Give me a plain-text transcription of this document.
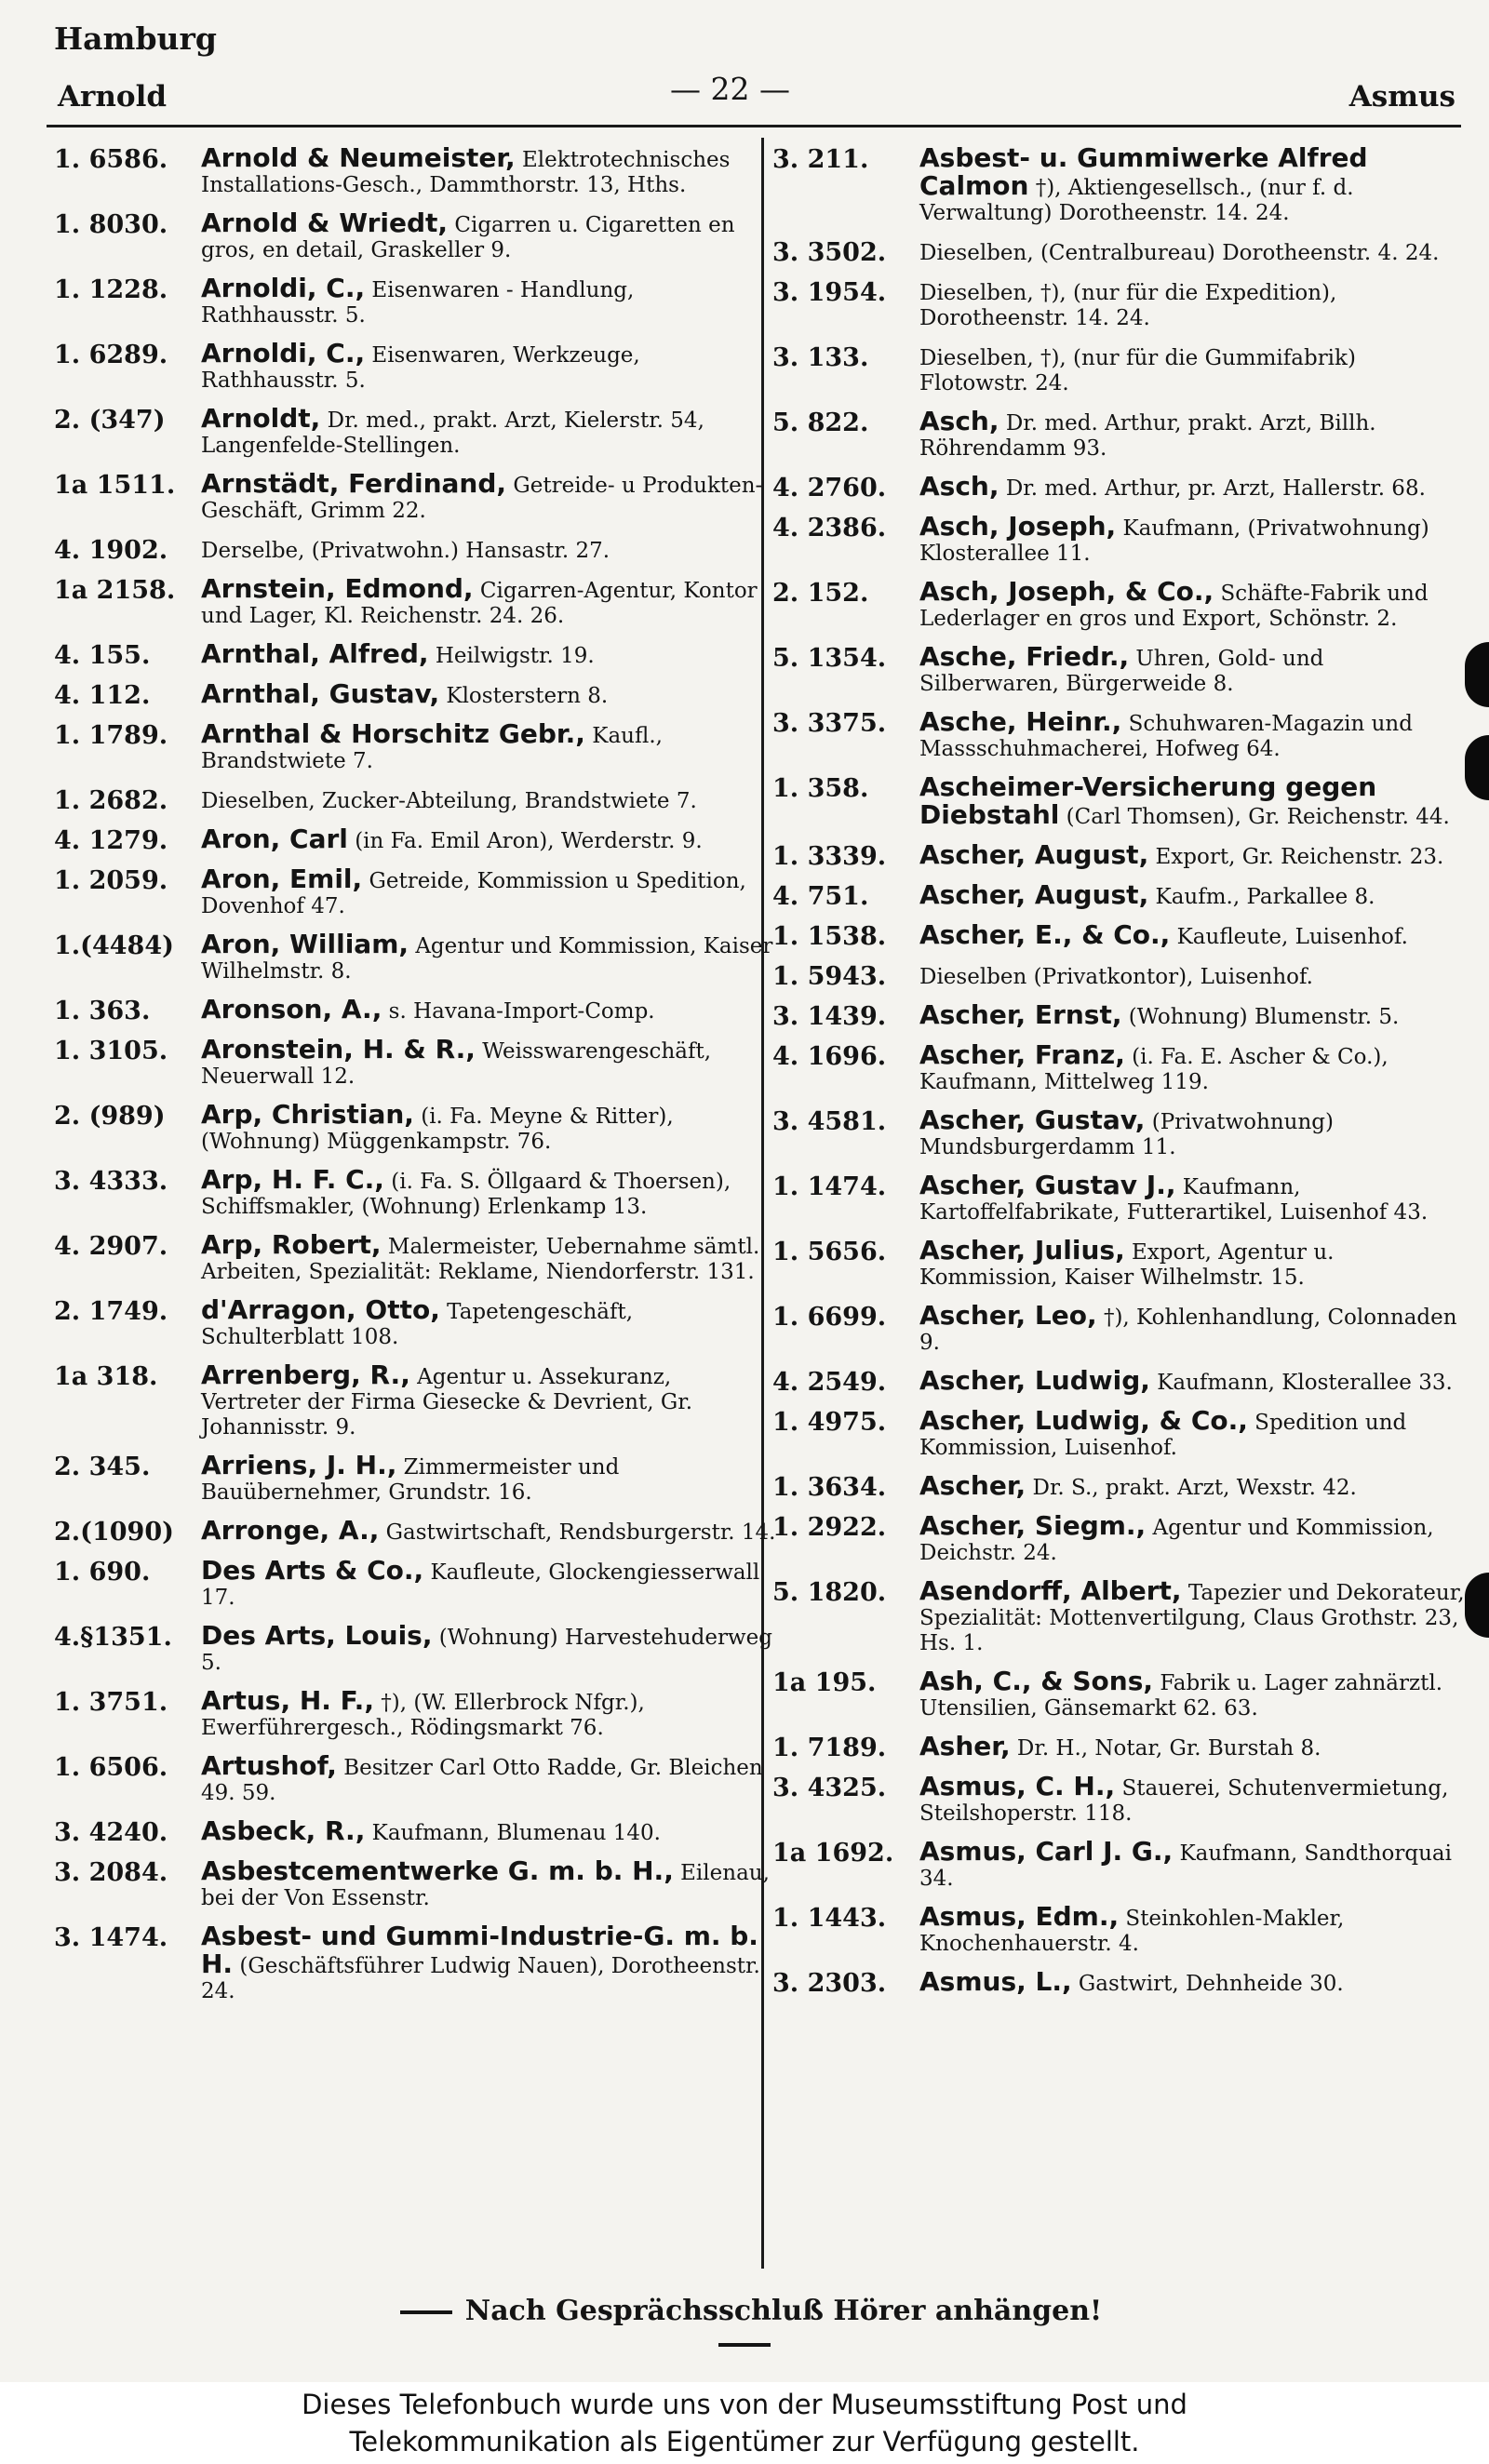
Hamburg
Arnold	— 22 —	Asmus
1. 6586. Arnold & Neumeister, Elektrotechnisches Installations-Gesch., Dammthorstr. 13, Hths.
1. 8030. Arnold & Wriedt, Cigarren u. Cigaretten en gros, en detail, Graskeller 9.
1. 1228. Arnoldi, C., Eisenwaren - Handlung, Rathhausstr. 5.
1. 6289. Arnoldi, C., Eisenwaren, Werkzeuge, Rathhausstr. 5.
2. (347) Arnoldt, Dr. med., prakt. Arzt, Kielerstr. 54, Langenfelde-Stellingen.
1a 1511. Arnstädt, Ferdinand, Getreide- u Produkten-Geschäft, Grimm 22.
4. 1902. Derselbe, (Privatwohn.) Hansastr. 27.
1a 2158. Arnstein, Edmond, Cigarren-Agentur, Kontor und Lager, Kl. Reichenstr. 24. 26.
4. 155. Arnthal, Alfred, Heilwigstr. 19.
4. 112. Arnthal, Gustav, Klosterstern 8.
1. 1789. Arnthal & Horschitz Gebr., Kaufl., Brandstwiete 7.
1. 2682. Dieselben, Zucker-Abteilung, Brandstwiete 7.
4. 1279. Aron, Carl (in Fa. Emil Aron), Werderstr. 9.
1. 2059. Aron, Emil, Getreide, Kommission u Spedition, Dovenhof 47.
1.(4484) Aron, William, Agentur und Kommission, Kaiser Wilhelmstr. 8.
1. 363. Aronson, A., s. Havana-Import-Comp.
1. 3105. Aronstein, H. & R., Weisswarengeschäft, Neuerwall 12.
2. (989) Arp, Christian, (i. Fa. Meyne & Ritter), (Wohnung) Müggenkampstr. 76.
3. 4333. Arp, H. F. C., (i. Fa. S. Öllgaard & Thoersen), Schiffsmakler, (Wohnung) Erlenkamp 13.
4. 2907. Arp, Robert, Malermeister, Uebernahme sämtl. Arbeiten, Spezialität: Reklame, Niendorferstr. 131.
2. 1749. d'Arragon, Otto, Tapetengeschäft, Schulterblatt 108.
1a 318. Arrenberg, R., Agentur u. Assekuranz, Vertreter der Firma Giesecke & Devrient, Gr. Johannisstr. 9.
2. 345. Arriens, J. H., Zimmermeister und Bauübernehmer, Grundstr. 16.
2.(1090) Arronge, A., Gastwirtschaft, Rendsburgerstr. 14.
1. 690. Des Arts & Co., Kaufleute, Glockengiesserwall 17.
4.§1351. Des Arts, Louis, (Wohnung) Harvestehuderweg 5.
1. 3751. Artus, H. F., †), (W. Ellerbrock Nfgr.), Ewerführergesch., Rödingsmarkt 76.
1. 6506. Artushof, Besitzer Carl Otto Radde, Gr. Bleichen 49. 59.
3. 4240. Asbeck, R., Kaufmann, Blumenau 140.
3. 2084. Asbestcementwerke G. m. b. H., Eilenau, bei der Von Essenstr.
3. 1474. Asbest- und Gummi-Industrie-G. m. b. H. (Geschäftsführer Ludwig Nauen), Dorotheenstr. 24.
3. 211. Asbest- u. Gummiwerke Alfred Calmon †), Aktiengesellsch., (nur f. d. Verwaltung) Dorotheenstr. 14. 24.
3. 3502. Dieselben, (Centralbureau) Dorotheenstr. 4. 24.
3. 1954. Dieselben, †), (nur für die Expedition), Dorotheenstr. 14. 24.
3. 133. Dieselben, †), (nur für die Gummifabrik) Flotowstr. 24.
5. 822. Asch, Dr. med. Arthur, prakt. Arzt, Billh. Röhrendamm 93.
4. 2760. Asch, Dr. med. Arthur, pr. Arzt, Hallerstr. 68.
4. 2386. Asch, Joseph, Kaufmann, (Privatwohnung) Klosterallee 11.
2. 152. Asch, Joseph, & Co., Schäfte-Fabrik und Lederlager en gros und Export, Schönstr. 2.
5. 1354. Asche, Friedr., Uhren, Gold- und Silberwaren, Bürgerweide 8.
3. 3375. Asche, Heinr., Schuhwaren-Magazin und Massschuhmacherei, Hofweg 64.
1. 358. Ascheimer-Versicherung gegen Diebstahl (Carl Thomsen), Gr. Reichenstr. 44.
1. 3339. Ascher, August, Export, Gr. Reichenstr. 23.
4. 751. Ascher, August, Kaufm., Parkallee 8.
1. 1538. Ascher, E., & Co., Kaufleute, Luisenhof.
1. 5943. Dieselben (Privatkontor), Luisenhof.
3. 1439. Ascher, Ernst, (Wohnung) Blumenstr. 5.
4. 1696. Ascher, Franz, (i. Fa. E. Ascher & Co.), Kaufmann, Mittelweg 119.
3. 4581. Ascher, Gustav, (Privatwohnung) Mundsburgerdamm 11.
1. 1474. Ascher, Gustav J., Kaufmann, Kartoffelfabrikate, Futterartikel, Luisenhof 43.
1. 5656. Ascher, Julius, Export, Agentur u. Kommission, Kaiser Wilhelmstr. 15.
1. 6699. Ascher, Leo, †), Kohlenhandlung, Colonnaden 9.
4. 2549. Ascher, Ludwig, Kaufmann, Klosterallee 33.
1. 4975. Ascher, Ludwig, & Co., Spedition und Kommission, Luisenhof.
1. 3634. Ascher, Dr. S., prakt. Arzt, Wexstr. 42.
1. 2922. Ascher, Siegm., Agentur und Kommission, Deichstr. 24.
5. 1820. Asendorff, Albert, Tapezier und Dekorateur, Spezialität: Mottenvertilgung, Claus Grothstr. 23, Hs. 1.
1a 195. Ash, C., & Sons, Fabrik u. Lager zahnärztl. Utensilien, Gänsemarkt 62. 63.
1. 7189. Asher, Dr. H., Notar, Gr. Burstah 8.
3. 4325. Asmus, C. H., Stauerei, Schutenvermietung, Steilshoperstr. 118.
1a 1692. Asmus, Carl J. G., Kaufmann, Sandthorquai 34.
1. 1443. Asmus, Edm., Steinkohlen-Makler, Knochenhauerstr. 4.
3. 2303. Asmus, L., Gastwirt, Dehnheide 30.
Nach Gesprächsschluß Hörer anhängen!
Dieses Telefonbuch wurde uns von der Museumsstiftung Post und
Telekommunikation als Eigentümer zur Verfügung gestellt.
